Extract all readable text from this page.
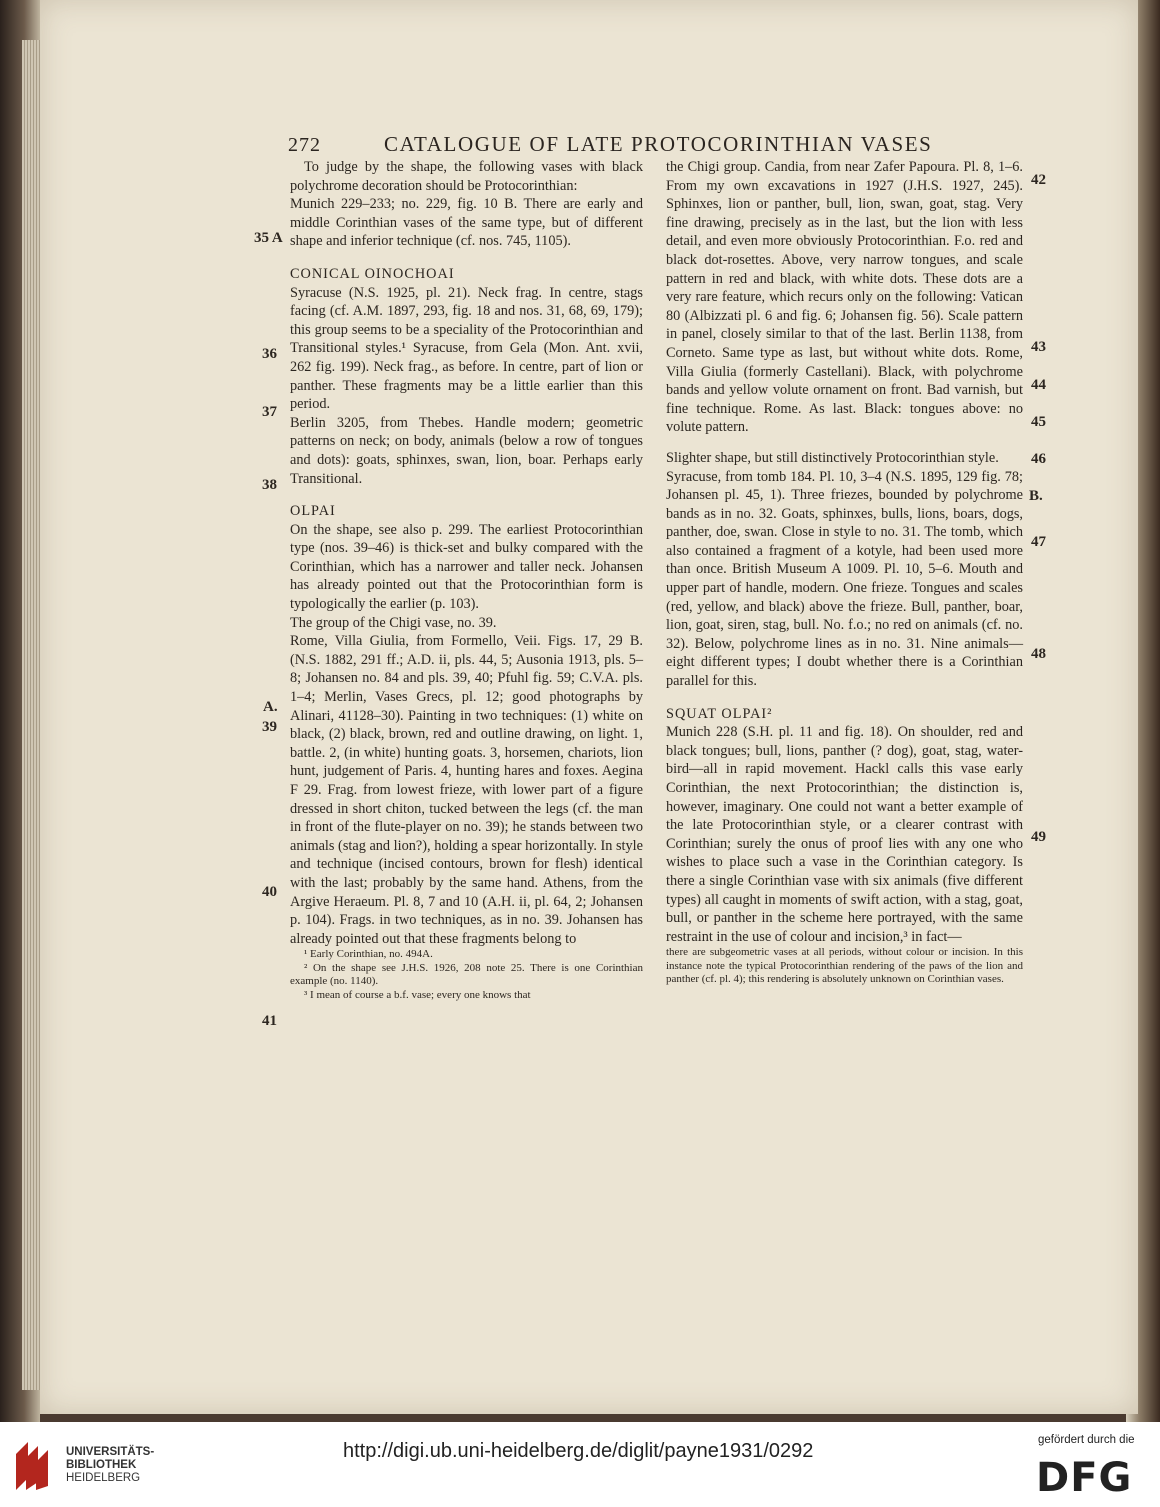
272	CATALOGUE OF LATE PROTOCORINTHIAN VASES
35 A
36
37
38
A.
39
40
41
42
43
44
45
46
B.
47
48
49

To judge by the shape, the following vases with black polychrome decoration should be Protocorinthian:

Munich 229–233; no. 229, fig. 10 B. There are early and middle Corinthian vases of the same type, but of different shape and inferior technique (cf. nos. 745, 1105).

CONICAL OINOCHOAI

Syracuse (N.S. 1925, pl. 21). Neck frag. In centre, stags facing (cf. A.M. 1897, 293, fig. 18 and nos. 31, 68, 69, 179); this group seems to be a speciality of the Protocorinthian and Transitional styles.¹ Syracuse, from Gela (Mon. Ant. xvii, 262 fig. 199). Neck frag., as before. In centre, part of lion or panther. These fragments may be a little earlier than this period.

Berlin 3205, from Thebes. Handle modern; geometric patterns on neck; on body, animals (below a row of tongues and dots): goats, sphinxes, swan, lion, boar. Perhaps early Transitional.

OLPAI

On the shape, see also p. 299. The earliest Protocorinthian type (nos. 39–46) is thick-set and bulky compared with the Corinthian, which has a narrower and taller neck. Johansen has already pointed out that the Protocorinthian form is typologically the earlier (p. 103).

The group of the Chigi vase, no. 39.

Rome, Villa Giulia, from Formello, Veii. Figs. 17, 29 B. (N.S. 1882, 291 ff.; A.D. ii, pls. 44, 5; Ausonia 1913, pls. 5–8; Johansen no. 84 and pls. 39, 40; Pfuhl fig. 59; C.V.A. pls. 1–4; Merlin, Vases Grecs, pl. 12; good photographs by Alinari, 41128–30). Painting in two techniques: (1) white on black, (2) black, brown, red and outline drawing, on light. 1, battle. 2, (in white) hunting goats. 3, horsemen, chariots, lion hunt, judgement of Paris. 4, hunting hares and foxes. Aegina F 29. Frag. from lowest frieze, with lower part of a figure dressed in short chiton, tucked between the legs (cf. the man in front of the flute-player on no. 39); he stands between two animals (stag and lion?), holding a spear horizontally. In style and technique (incised contours, brown for flesh) identical with the last; probably by the same hand. Athens, from the Argive Heraeum. Pl. 8, 7 and 10 (A.H. ii, pl. 64, 2; Johansen p. 104). Frags. in two techniques, as in no. 39. Johansen has already pointed out that these fragments belong to

¹ Early Corinthian, no. 494A.

² On the shape see J.H.S. 1926, 208 note 25. There is one Corinthian example (no. 1140).

³ I mean of course a b.f. vase; every one knows that

the Chigi group. Candia, from near Zafer Papoura. Pl. 8, 1–6. From my own excavations in 1927 (J.H.S. 1927, 245). Sphinxes, lion or panther, bull, lion, swan, goat, stag. Very fine drawing, precisely as in the last, but the lion with less detail, and even more obviously Protocorinthian. F.o. red and black dot-rosettes. Above, very narrow tongues, and scale pattern in red and black, with white dots. These dots are a very rare feature, which recurs only on the following: Vatican 80 (Albizzati pl. 6 and fig. 6; Johansen fig. 56). Scale pattern in panel, closely similar to that of the last. Berlin 1138, from Corneto. Same type as last, but without white dots. Rome, Villa Giulia (formerly Castellani). Black, with polychrome bands and yellow volute ornament on front. Bad varnish, but fine technique. Rome. As last. Black: tongues above: no volute pattern.

Slighter shape, but still distinctively Protocorinthian style.

Syracuse, from tomb 184. Pl. 10, 3–4 (N.S. 1895, 129 fig. 78; Johansen pl. 45, 1). Three friezes, bounded by polychrome bands as in no. 32. Goats, sphinxes, bulls, lions, boars, dogs, panther, doe, swan. Close in style to no. 31. The tomb, which also contained a fragment of a kotyle, had been used more than once. British Museum A 1009. Pl. 10, 5–6. Mouth and upper part of handle, modern. One frieze. Tongues and scales (red, yellow, and black) above the frieze. Bull, panther, boar, lion, goat, siren, stag, bull. No. f.o.; no red on animals (cf. no. 32). Below, polychrome lines as in no. 31. Nine animals—eight different types; I doubt whether there is a Corinthian parallel for this.

SQUAT OLPAI²

Munich 228 (S.H. pl. 11 and fig. 18). On shoulder, red and black tongues; bull, lions, panther (? dog), goat, stag, water-bird—all in rapid movement. Hackl calls this vase early Corinthian, the next Protocorinthian; the distinction is, however, imaginary. One could not want a better example of the late Protocorinthian style, or a clearer contrast with Corinthian; surely the onus of proof lies with any one who wishes to place such a vase in the Corinthian category. Is there a single Corinthian vase with six animals (five different types) all caught in moments of swift action, with a stag, goat, bull, or panther in the scheme here portrayed, with the same restraint in the use of colour and incision,³ in fact—

there are subgeometric vases at all periods, without colour or incision. In this instance note the typical Protocorinthian rendering of the paws of the lion and panther (cf. pl. 4); this rendering is absolutely unknown on Corinthian vases.

UNIVERSITÄTS-
BIBLIOTHEK
HEIDELBERG
http://digi.ub.uni-heidelberg.de/diglit/payne1931/0292	gefördert durch die
DFG
